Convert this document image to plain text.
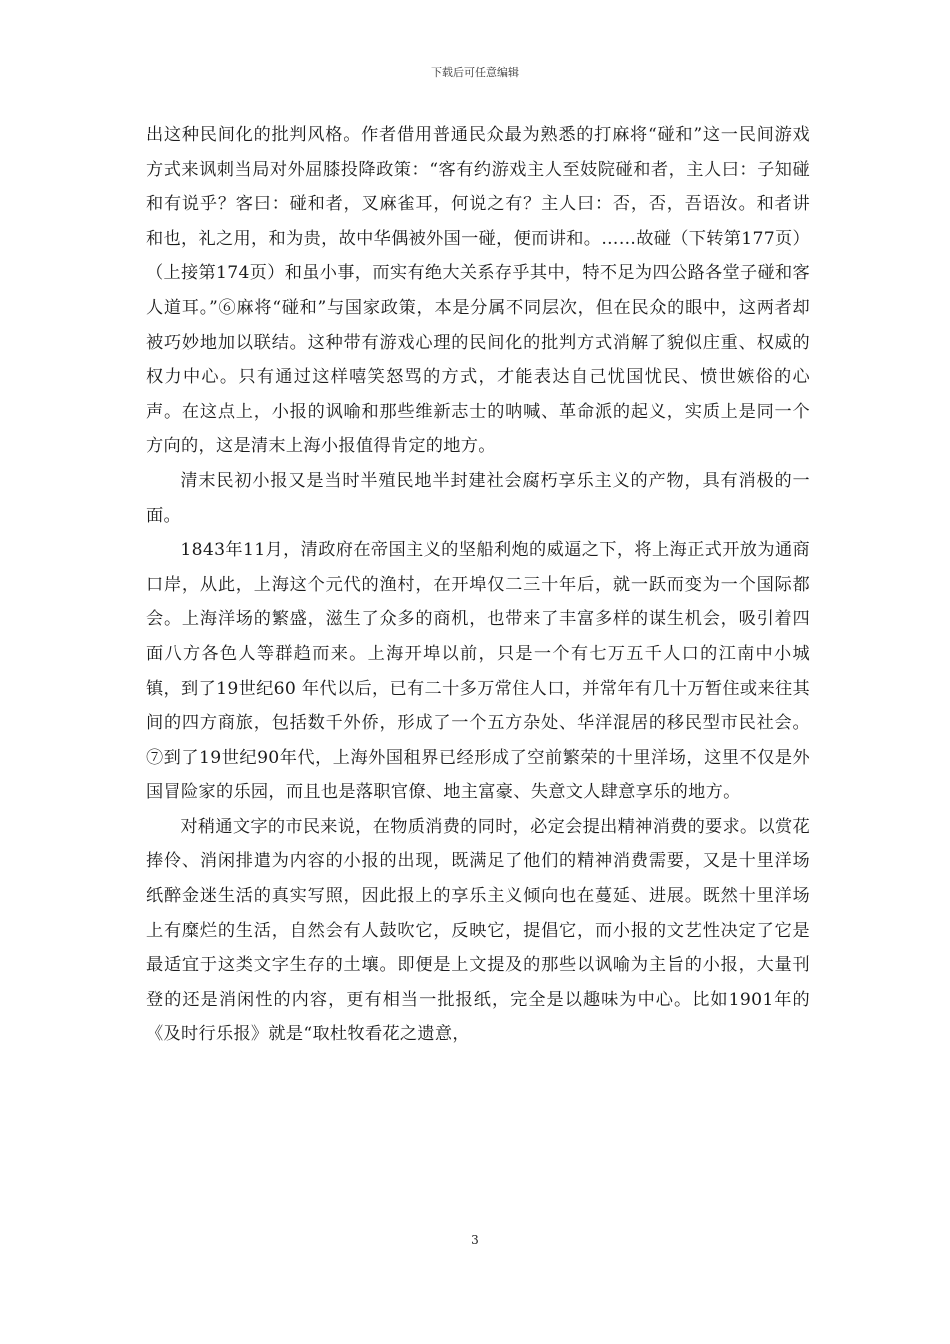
下载后可任意编辑

出这种民间化的批判风格。作者借用普通民众最为熟悉的打麻将“碰和”这一民间游戏方式来讽刺当局对外屈膝投降政策：“客有约游戏主人至妓院碰和者，主人曰：子知碰和有说乎？客曰：碰和者，叉麻雀耳，何说之有？主人曰：否，否，吾语汝。和者讲和也，礼之用，和为贵，故中华偶被外国一碰，便而讲和。……故碰（下转第177页）（上接第174页）和虽小事，而实有绝大关系存乎其中，特不足为四公路各堂子碰和客人道耳。”⑥麻将“碰和”与国家政策，本是分属不同层次，但在民众的眼中，这两者却被巧妙地加以联结。这种带有游戏心理的民间化的批判方式消解了貌似庄重、权威的权力中心。只有通过这样嘻笑怒骂的方式，才能表达自己忧国忧民、愤世嫉俗的心声。在这点上，小报的讽喻和那些维新志士的呐喊、革命派的起义，实质上是同一个方向的，这是清末上海小报值得肯定的地方。

清末民初小报又是当时半殖民地半封建社会腐朽享乐主义的产物，具有消极的一面。

1843年11月，清政府在帝国主义的坚船利炮的威逼之下，将上海正式开放为通商口岸，从此，上海这个元代的渔村，在开埠仅二三十年后，就一跃而变为一个国际都会。上海洋场的繁盛，滋生了众多的商机，也带来了丰富多样的谋生机会，吸引着四面八方各色人等群趋而来。上海开埠以前，只是一个有七万五千人口的江南中小城镇，到了19世纪60 年代以后，已有二十多万常住人口，并常年有几十万暂住或来往其间的四方商旅，包括数千外侨，形成了一个五方杂处、华洋混居的移民型市民社会。⑦到了19世纪90年代，上海外国租界已经形成了空前繁荣的十里洋场，这里不仅是外国冒险家的乐园，而且也是落职官僚、地主富豪、失意文人肆意享乐的地方。

对稍通文字的市民来说，在物质消费的同时，必定会提出精神消费的要求。以赏花捧伶、消闲排遣为内容的小报的出现，既满足了他们的精神消费需要，又是十里洋场纸醉金迷生活的真实写照，因此报上的享乐主义倾向也在蔓延、进展。既然十里洋场上有糜烂的生活，自然会有人鼓吹它，反映它，提倡它，而小报的文艺性决定了它是最适宜于这类文字生存的土壤。即便是上文提及的那些以讽喻为主旨的小报，大量刊登的还是消闲性的内容，更有相当一批报纸，完全是以趣味为中心。比如1901年的《及时行乐报》就是“取杜牧看花之遗意，

3
